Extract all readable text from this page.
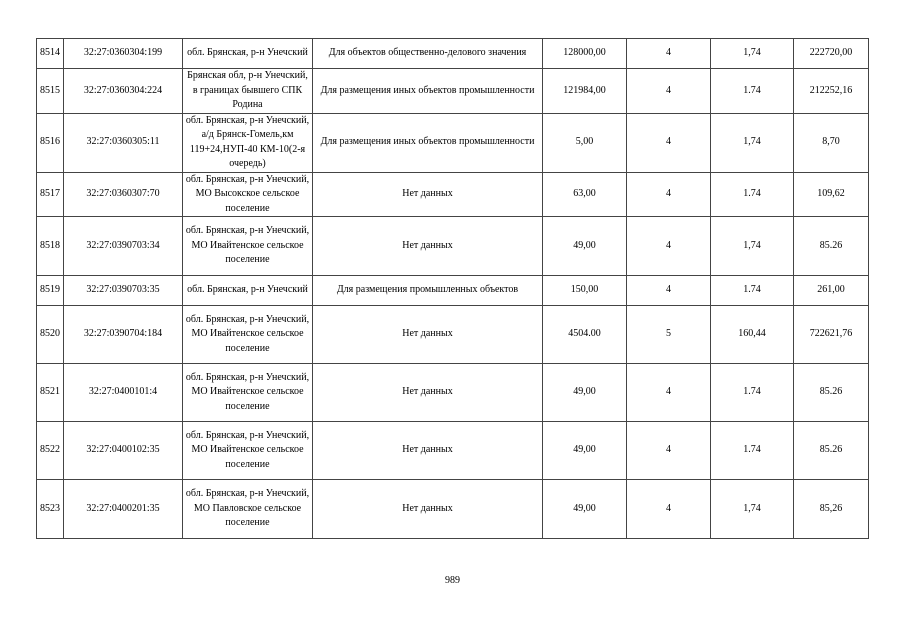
8514	32:27:0360304:199	обл. Брянская, р-н Унечский	Для объектов общественно-делового значения	128000,00	4	1,74	222720,00
8515	32:27:0360304:224	Брянская обл, р-н Унечский, в границах бывшего СПК Родина	Для размещения иных объектов промышленности	121984,00	4	1.74	212252,16
8516	32:27:0360305:11	обл. Брянская, р-н Унечский, а/д Брянск-Гомель,км 119+24,НУП-40 КМ-10(2-я очередь)	Для размещения иных объектов промышленности	5,00	4	1,74	8,70
8517	32:27:0360307:70	обл. Брянская, р-н Унечский, МО Высокское сельское поселение	Нет данных	63,00	4	1.74	109,62
8518	32:27:0390703:34	обл. Брянская, р-н Унечский, МО Ивайтенское сельское поселение	Нет данных	49,00	4	1,74	85.26
8519	32:27:0390703:35	обл. Брянская, р-н Унечский	Для размещения промышленных объектов	150,00	4	1.74	261,00
8520	32:27:0390704:184	обл. Брянская, р-н Унечский, МО Ивайтенское сельское поселение	Нет данных	4504.00	5	160,44	722621,76
8521	32:27:0400101:4	обл. Брянская, р-н Унечский, МО Ивайтенское сельское поселение	Нет данных	49,00	4	1.74	85.26
8522	32:27:0400102:35	обл. Брянская, р-н Унечский, МО Ивайтенское сельское поселение	Нет данных	49,00	4	1.74	85.26
8523	32:27:0400201:35	обл. Брянская, р-н Унечский, МО Павловское сельское поселение	Нет данных	49,00	4	1,74	85,26
989
